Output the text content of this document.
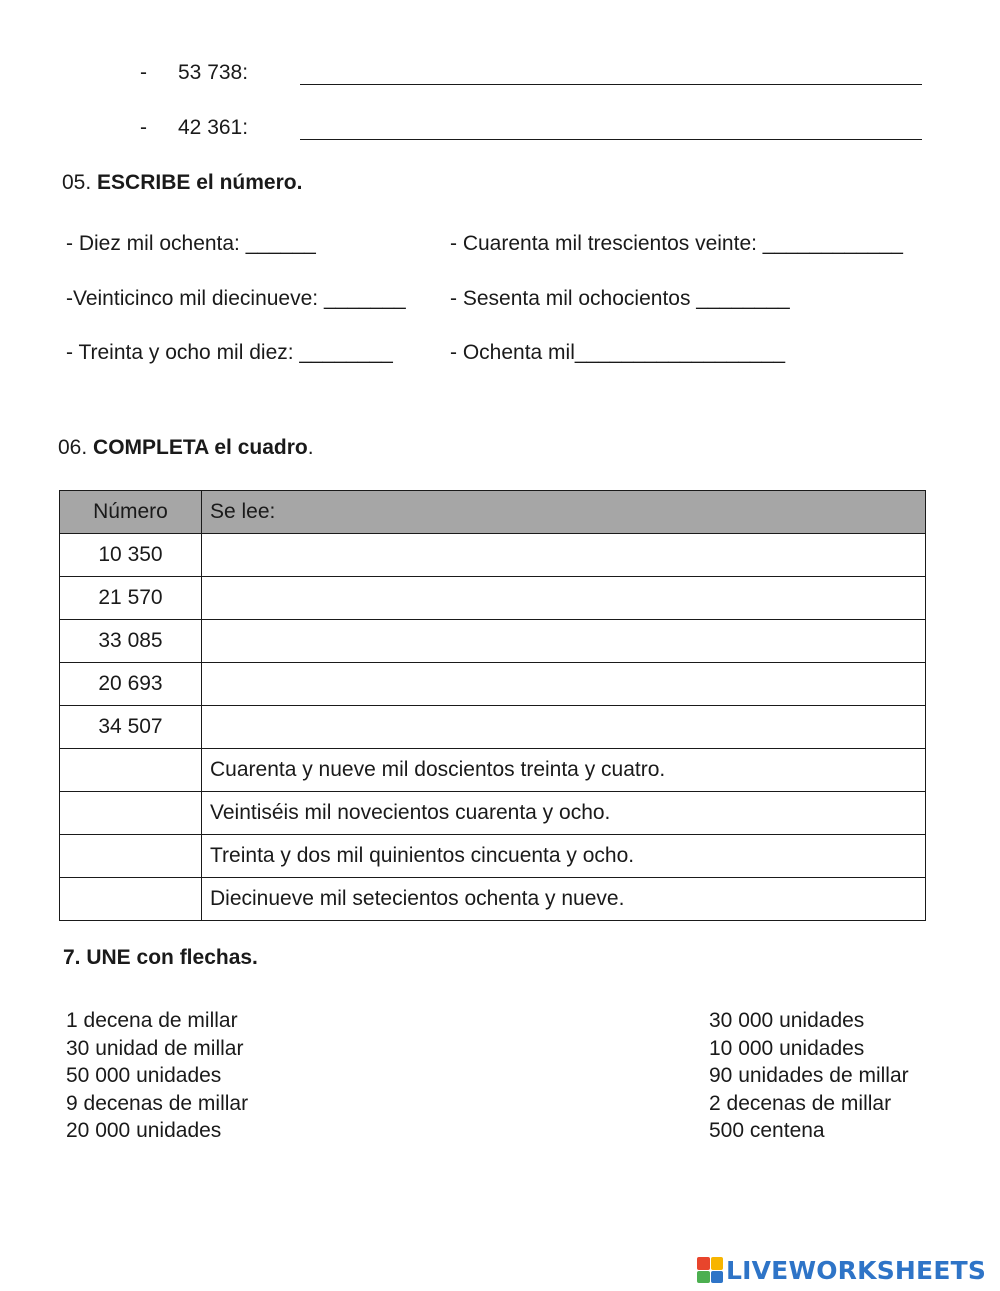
- 53 738:
- 42 361:
05. ESCRIBE el número.
- Diez mil ochenta: ______
-Veinticinco mil diecinueve: _______
- Treinta y ocho mil diez: ________
- Cuarenta mil trescientos veinte: ____________
- Sesenta mil ochocientos ________
- Ochenta mil__________________
06. COMPLETA el cuadro.
Número	Se lee:
10 350	
21 570	
33 085	
20 693	
34 507	
	Cuarenta y nueve mil doscientos treinta y cuatro.
	Veintiséis mil novecientos cuarenta y ocho.
	Treinta y dos mil quinientos cincuenta y ocho.
	Diecinueve mil setecientos ochenta y nueve.
7. UNE con flechas.
1 decena de millar
30 unidad de millar
50 000 unidades
9 decenas de millar
20 000 unidades
30 000 unidades
10 000 unidades
90 unidades de millar
2 decenas de millar
500 centena
LIVEWORKSHEETS
